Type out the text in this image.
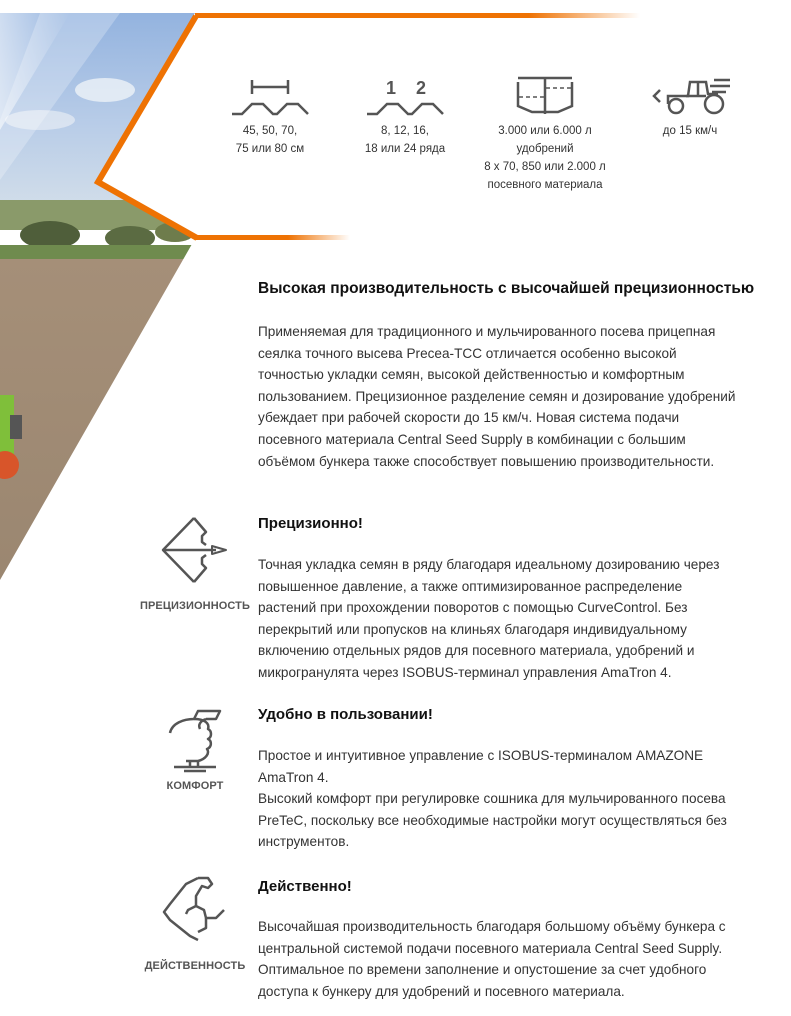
45, 50, 70,
75 или 80 см
1 2
8, 12, 16,
18 или 24 ряда
3.000 или 6.000 л
удобрений
8 x 70, 850 или 2.000 л
посевного материала
до 15 км/ч
Высокая производительность с высочайшей прецизионностью
Применяемая для традиционного и мульчированного посева прицепная сеялка точного высева Precea-TCC отличается особенно высокой точностью укладки семян, высокой действенностью и комфортным пользованием. Прецизионное разделение семян и дозирование удобрений убеждает при рабочей скорости до 15 км/ч. Новая система подачи посевного материала Central Seed Supply в комбинации с большим объёмом бункера также способствует повышению производительности.
ПРЕЦИЗИОННОСТЬ
Прецизионно!
Точная укладка семян в ряду благодаря идеальному дозированию через повышенное давление, а также оптимизированное распределение растений при прохождении поворотов с помощью CurveControl. Без перекрытий или пропусков на клиньях благодаря индивидуальному включению отдельных рядов для посевного материала, удобрений и микрогранулята через ISOBUS-терминал управления AmaTron 4.
КОМФОРТ
Удобно в пользовании!
Простое и интуитивное управление с ISOBUS-терминалом AMAZONE AmaTron 4.
Высокий комфорт при регулировке сошника для мульчированного посева PreTeC, поскольку все необходимые настройки могут осуществляться без инструментов.
ДЕЙСТВЕННОСТЬ
Действенно!
Высочайшая производительность благодаря большому объёму бункера с центральной системой подачи посевного материала Central Seed Supply. Оптимальное по времени заполнение и опустошение за счет удобного доступа к бункеру для удобрений и посевного материала.
